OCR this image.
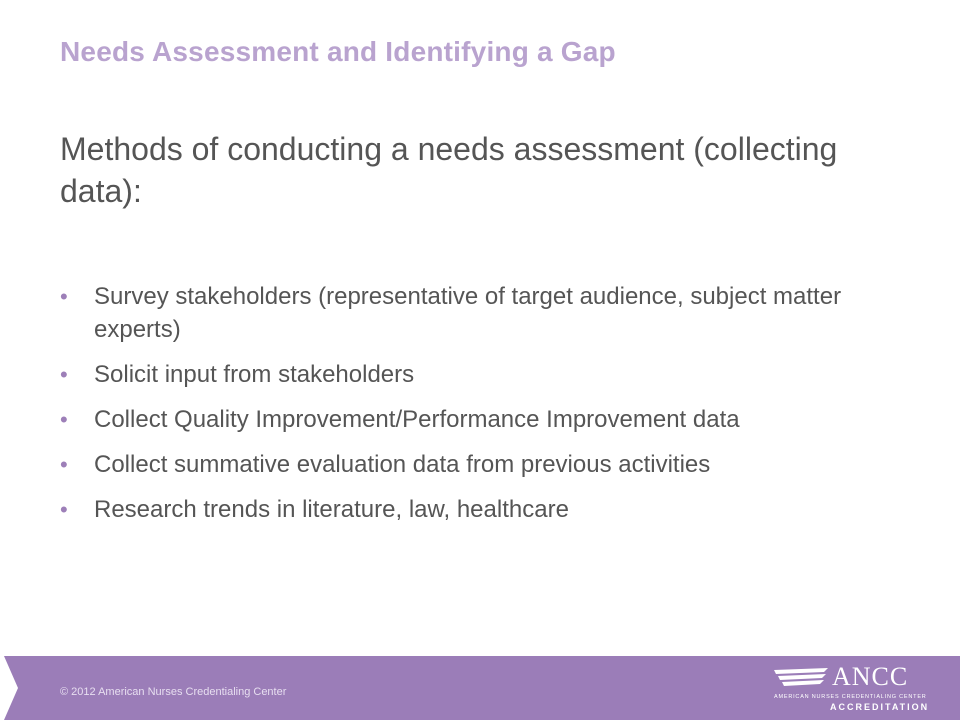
Needs Assessment and Identifying a Gap
Methods of conducting a needs assessment (collecting data):
• Survey stakeholders (representative of target audience, subject matter experts)
• Solicit input from stakeholders
• Collect Quality Improvement/Performance Improvement data
• Collect summative evaluation data from previous activities
• Research trends in literature, law, healthcare
© 2012 American Nurses Credentialing Center
ANCC
AMERICAN NURSES CREDENTIALING CENTER
ACCREDITATION
